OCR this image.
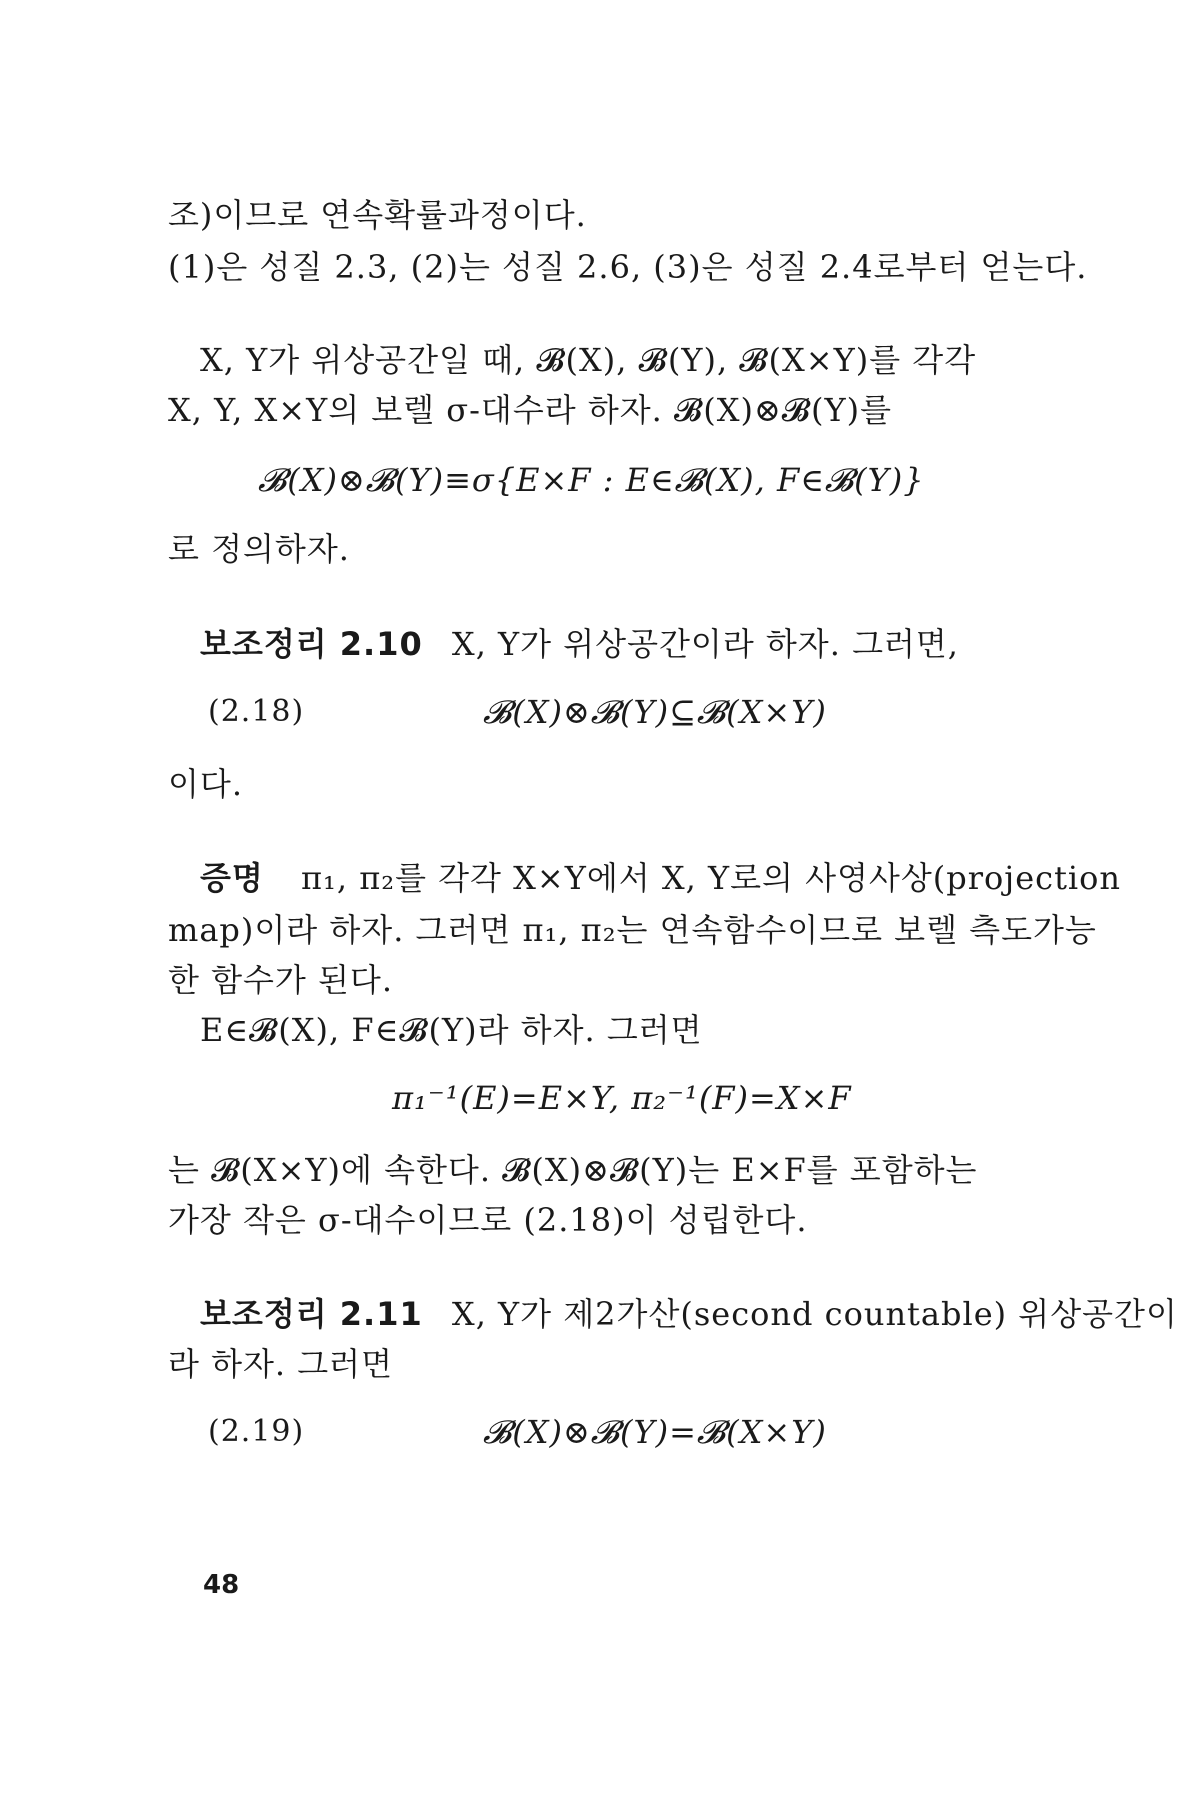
조)이므로 연속확률과정이다.
(1)은 성질 2.3, (2)는 성질 2.6, (3)은 성질 2.4로부터 얻는다.
X, Y가 위상공간일 때, 𝓑(X), 𝓑(Y), 𝓑(X×Y)를 각각
X, Y, X×Y의 보렐 σ-대수라 하자. 𝓑(X)⊗𝓑(Y)를
𝓑(X)⊗𝓑(Y)≡σ{E×F : E∈𝓑(X), F∈𝓑(Y)}
로 정의하자.
보조정리 2.10 X, Y가 위상공간이라 하자. 그러면,
(2.18)	𝓑(X)⊗𝓑(Y)⊆𝓑(X×Y)
이다.
증명 π₁, π₂를 각각 X×Y에서 X, Y로의 사영사상(projection
map)이라 하자. 그러면 π₁, π₂는 연속함수이므로 보렐 측도가능
한 함수가 된다.
E∈𝓑(X), F∈𝓑(Y)라 하자. 그러면
π₁⁻¹(E)=E×Y, π₂⁻¹(F)=X×F
는 𝓑(X×Y)에 속한다. 𝓑(X)⊗𝓑(Y)는 E×F를 포함하는
가장 작은 σ-대수이므로 (2.18)이 성립한다.
보조정리 2.11 X, Y가 제2가산(second countable) 위상공간이
라 하자. 그러면
(2.19)	𝓑(X)⊗𝓑(Y)=𝓑(X×Y)
48
